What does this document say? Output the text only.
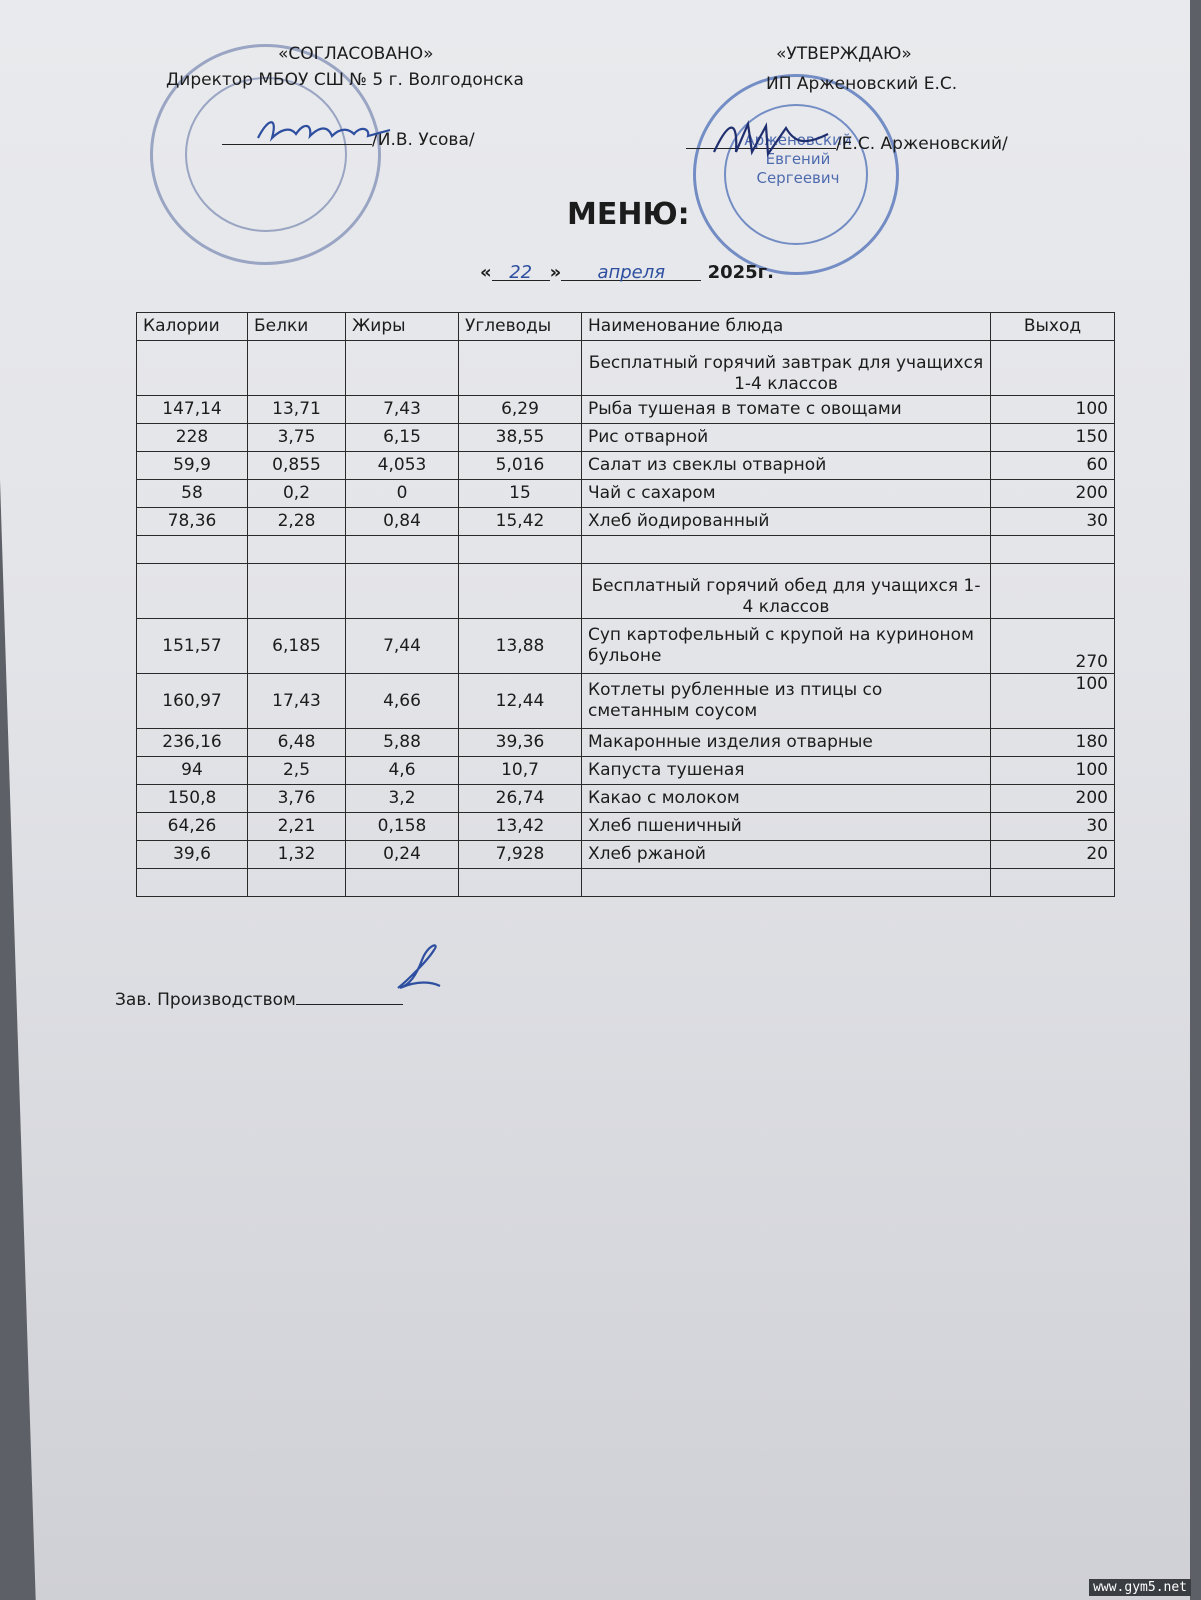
Арженовский
Евгений
Сергеевич
«СОГЛАСОВАНО»
Директор МБОУ СШ № 5 г. Волгодонска
/И.В. Усова/
«УТВЕРЖДАЮ»
ИП Арженовский Е.С.
/Е.С. Арженовский/
МЕНЮ:
« 22 » апреля 2025г.
Калории	Белки	Жиры	Углеводы	Наименование блюда	Выход
				Бесплатный горячий завтрак для учащихся 1-4 классов	
147,14	13,71	7,43	6,29	Рыба тушеная в томате с овощами	100
228	3,75	6,15	38,55	Рис отварной	150
59,9	0,855	4,053	5,016	Салат из свеклы отварной	60
58	0,2	0	15	Чай с сахаром	200
78,36	2,28	0,84	15,42	Хлеб йодированный	30

				Бесплатный горячий обед для учащихся 1-4 классов	
151,57	6,185	7,44	13,88	Суп картофельный с крупой на куриноном бульоне	270
160,97	17,43	4,66	12,44	Котлеты рубленные из птицы со сметанным соусом	100
236,16	6,48	5,88	39,36	Макаронные изделия отварные	180
94	2,5	4,6	10,7	Капуста тушеная	100
150,8	3,76	3,2	26,74	Какао с молоком	200
64,26	2,21	0,158	13,42	Хлеб пшеничный	30
39,6	1,32	0,24	7,928	Хлеб ржаной	20

Зав. Производством
www.gym5.net
